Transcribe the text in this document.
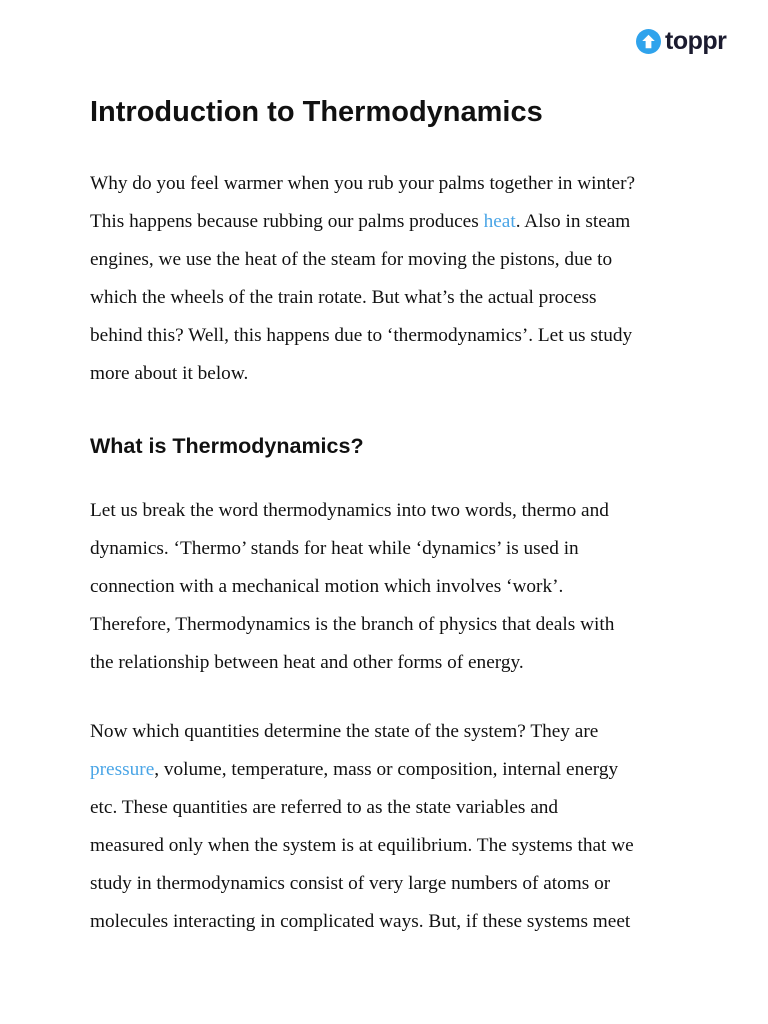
toppr
Introduction to Thermodynamics

Why do you feel warmer when you rub your palms together in winter?
This happens because rubbing our palms produces heat. Also in steam
engines, we use the heat of the steam for moving the pistons, due to
which the wheels of the train rotate. But what’s the actual process
behind this? Well, this happens due to ‘thermodynamics’. Let us study
more about it below.

What is Thermodynamics?

Let us break the word thermodynamics into two words, thermo and
dynamics. ‘Thermo’ stands for heat while ‘dynamics’ is used in
connection with a mechanical motion which involves ‘work’.
Therefore, Thermodynamics is the branch of physics that deals with
the relationship between heat and other forms of energy.

Now which quantities determine the state of the system? They are
pressure, volume, temperature, mass or composition, internal energy
etc. These quantities are referred to as the state variables and
measured only when the system is at equilibrium. The systems that we
study in thermodynamics consist of very large numbers of atoms or
molecules interacting in complicated ways. But, if these systems meet
